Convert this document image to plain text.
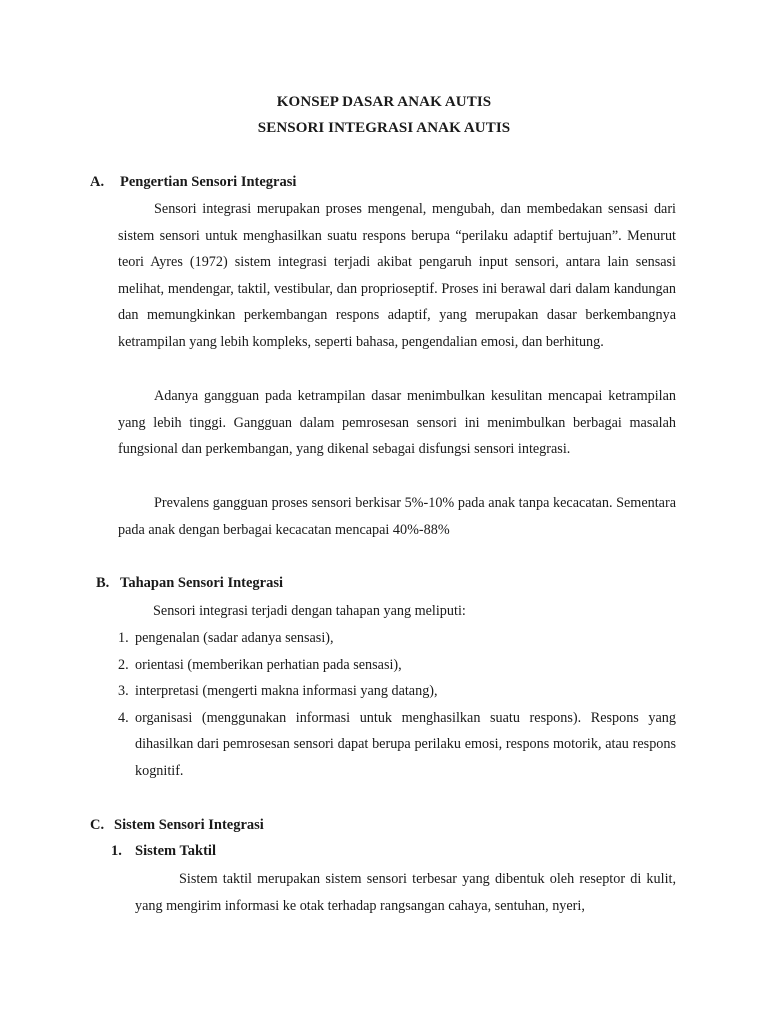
KONSEP DASAR ANAK AUTIS
SENSORI INTEGRASI ANAK AUTIS
A. Pengertian Sensori Integrasi
Sensori integrasi merupakan proses mengenal, mengubah, dan membedakan sensasi dari sistem sensori untuk menghasilkan suatu respons berupa “perilaku adaptif bertujuan”. Menurut teori Ayres (1972) sistem integrasi terjadi akibat pengaruh input sensori, antara lain sensasi melihat, mendengar, taktil, vestibular, dan proprioseptif. Proses ini berawal dari dalam kandungan dan memungkinkan perkembangan respons adaptif, yang merupakan dasar berkembangnya ketrampilan yang lebih kompleks, seperti bahasa, pengendalian emosi, dan berhitung.
Adanya gangguan pada ketrampilan dasar menimbulkan kesulitan mencapai ketrampilan yang lebih tinggi. Gangguan dalam pemrosesan sensori ini menimbulkan berbagai masalah fungsional dan perkembangan, yang dikenal sebagai disfungsi sensori integrasi.
Prevalens gangguan proses sensori berkisar 5%-10% pada anak tanpa kecacatan. Sementara pada anak dengan berbagai kecacatan mencapai 40%-88%
B. Tahapan Sensori Integrasi
Sensori integrasi terjadi dengan tahapan yang meliputi:
1. pengenalan (sadar adanya sensasi),
2. orientasi (memberikan perhatian pada sensasi),
3. interpretasi (mengerti makna informasi yang datang),
4. organisasi (menggunakan informasi untuk menghasilkan suatu respons). Respons yang dihasilkan dari pemrosesan sensori dapat berupa perilaku emosi, respons motorik, atau respons kognitif.
C. Sistem Sensori Integrasi
1. Sistem Taktil
Sistem taktil merupakan sistem sensori terbesar yang dibentuk oleh reseptor di kulit, yang mengirim informasi ke otak terhadap rangsangan cahaya, sentuhan, nyeri,
